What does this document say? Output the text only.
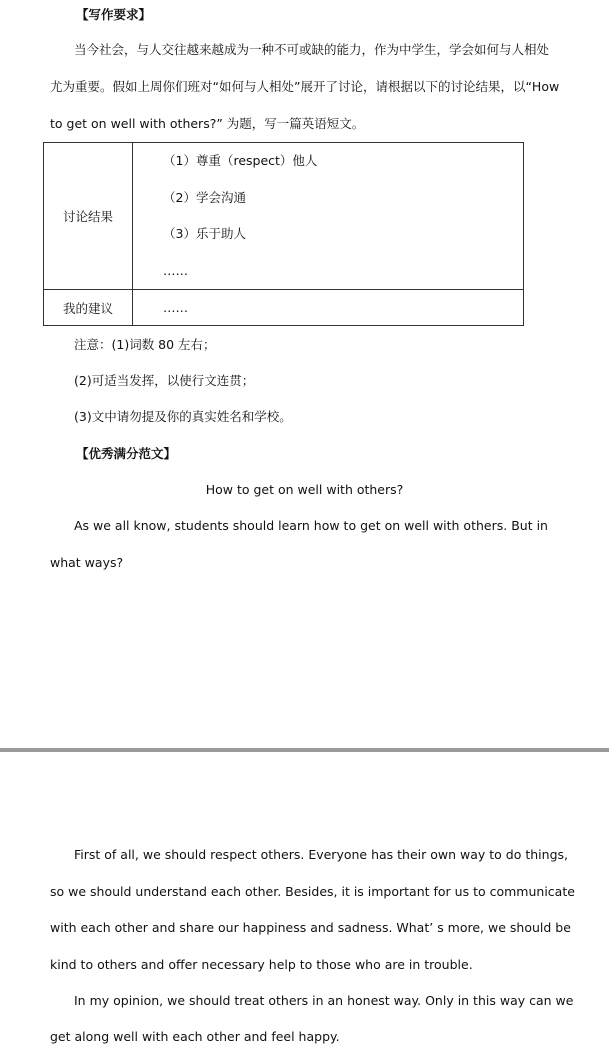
【写作要求】
当今社会，与人交往越来越成为一种不可或缺的能力，作为中学生，学会如何与人相处
尤为重要。假如上周你们班对“如何与人相处”展开了讨论，请根据以下的讨论结果，以“How
to get on well with others?” 为题，写一篇英语短文。
讨论结果	（1）尊重（respect）他人
（2）学会沟通
（3）乐于助人
……

我的建议	……
注意：(1)词数 80 左右；
(2)可适当发挥，以使行文连贯；
(3)文中请勿提及你的真实姓名和学校。
【优秀满分范文】
How to get on well with others?
As we all know, students should learn how to get on well with others. But in
what ways?
First of all, we should respect others. Everyone has their own way to do things,
so we should understand each other. Besides, it is important for us to communicate
with each other and share our happiness and sadness. What’ s more, we should be
kind to others and offer necessary help to those who are in trouble.
In my opinion, we should treat others in an honest way. Only in this way can we
get along well with each other and feel happy.
